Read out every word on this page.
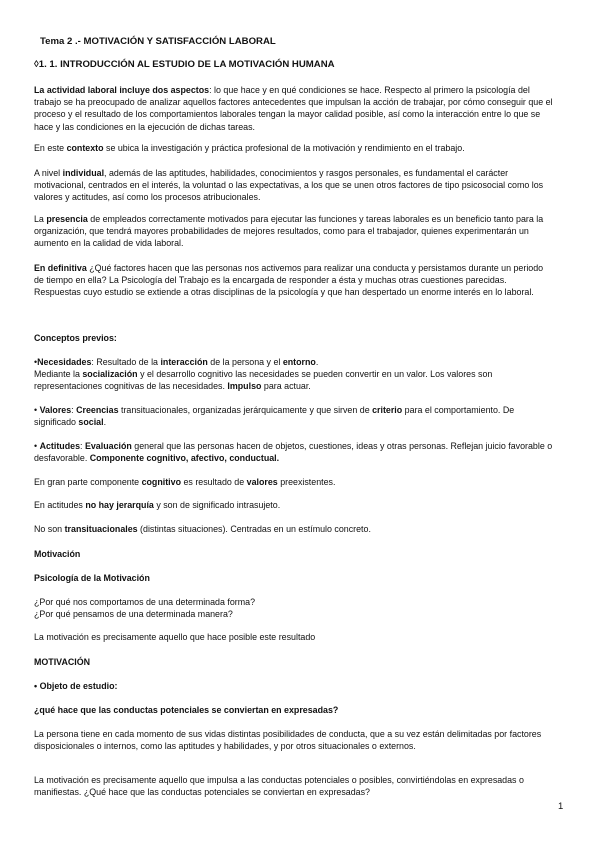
Tema 2 .- MOTIVACIÓN Y SATISFACCIÓN LABORAL
◊1. 1. INTRODUCCIÓN AL ESTUDIO DE LA MOTIVACIÓN HUMANA

La actividad laboral incluye dos aspectos: lo que hace y en qué condiciones se hace. Respecto al primero la psicología del trabajo se ha preocupado de analizar aquellos factores antecedentes que impulsan la acción de trabajar, por cómo conseguir que el proceso y el resultado de los comportamientos laborales tengan la mayor calidad posible, así como la interacción entre lo que se hace y las condiciones en la ejecución de dichas tareas.

En este contexto se ubica la investigación y práctica profesional de la motivación y rendimiento en el trabajo.

A nivel individual, además de las aptitudes, habilidades, conocimientos y rasgos personales, es fundamental el carácter motivacional, centrados en el interés, la voluntad o las expectativas, a los que se unen otros factores de tipo psicosocial como los valores y actitudes, así como los procesos atribucionales.

La presencia de empleados correctamente motivados para ejecutar las funciones y tareas laborales es un beneficio tanto para la organización, que tendrá mayores probabilidades de mejores resultados, como para el trabajador, quienes experimentarán un aumento en la calidad de vida laboral.

En definitiva ¿Qué factores hacen que las personas nos activemos para realizar una conducta y persistamos durante un periodo de tiempo en ella? La Psicología del Trabajo es la encargada de responder a ésta y muchas otras cuestiones parecidas.

Respuestas cuyo estudio se extiende a otras disciplinas de la psicología y que han despertado un enorme interés en lo laboral.

Conceptos previos:

•Necesidades: Resultado de la interacción de la persona y el entorno.

Mediante la socialización y el desarrollo cognitivo las necesidades se pueden convertir en un valor. Los valores son representaciones cognitivas de las necesidades. Impulso para actuar.

• Valores: Creencias transituacionales, organizadas jerárquicamente y que sirven de criterio para el comportamiento. De significado social.

• Actitudes: Evaluación general que las personas hacen de objetos, cuestiones, ideas y otras personas. Reflejan juicio favorable o desfavorable. Componente cognitivo, afectivo, conductual.

En gran parte componente cognitivo es resultado de valores preexistentes.

En actitudes no hay jerarquía y son de significado intrasujeto.

No son transituacionales (distintas situaciones). Centradas en un estímulo concreto.

Motivación
Psicología de la Motivación

¿Por qué nos comportamos de una determinada forma?

¿Por qué pensamos de una determinada manera?

La motivación es precisamente aquello que hace posible este resultado
MOTIVACIÓN
• Objeto de estudio:
¿qué hace que las conductas potenciales se conviertan en expresadas?
La persona tiene en cada momento de sus vidas distintas posibilidades de conducta, que a su vez están delimitadas por factores disposicionales o internos, como las aptitudes y habilidades, y por otros situacionales o externos.
La motivación es precisamente aquello que impulsa a las conductas potenciales o posibles, convirtiéndolas en expresadas o manifiestas. ¿Qué hace que las conductas potenciales se conviertan en expresadas?
1
